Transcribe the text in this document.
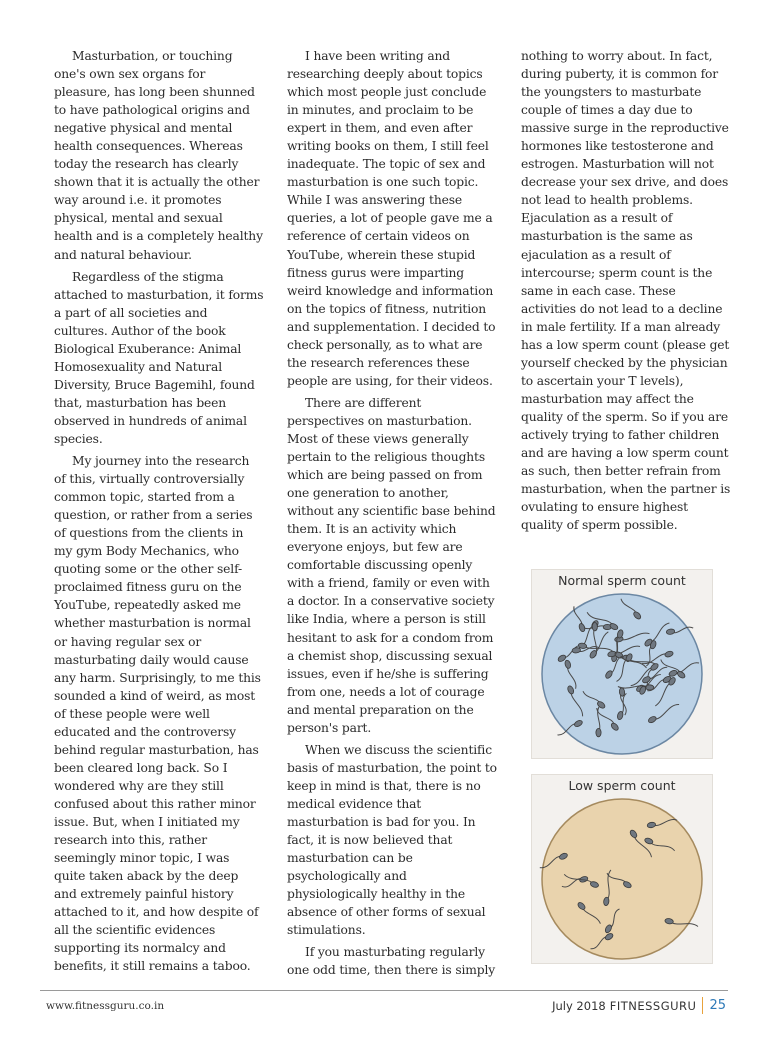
Masturbation, or touching one's own sex organs for pleasure, has long been shunned to have pathological origins and negative physical and mental health consequences. Whereas today the research has clearly shown that it is actually the other way around i.e. it promotes physical, mental and sexual health and is a completely healthy and natural behaviour.

Regardless of the stigma attached to masturbation, it forms a part of all societies and cultures. Author of the book Biological Exuberance: Animal Homosexuality and Natural Diversity, Bruce Bagemihl, found that, masturbation has been observed in hundreds of animal species.

My journey into the research of this, virtually controversially common topic, started from a question, or rather from a series of questions from the clients in my gym Body Mechanics, who quoting some or the other self-proclaimed fitness guru on the YouTube, repeatedly asked me whether masturbation is normal or having regular sex or masturbating daily would cause any harm. Surprisingly, to me this sounded a kind of weird, as most of these people were well educated and the controversy behind regular masturbation, has been cleared long back. So I wondered why are they still confused about this rather minor issue. But, when I initiated my research into this, rather seemingly minor topic, I was quite taken aback by the deep and extremely painful history attached to it, and how despite of all the scientific evidences supporting its normalcy and benefits, it still remains a taboo.

I have been writing and researching deeply about topics which most people just conclude in minutes, and proclaim to be expert in them, and even after writing books on them, I still feel inadequate. The topic of sex and masturbation is one such topic. While I was answering these queries, a lot of people gave me a reference of certain videos on YouTube, wherein these stupid fitness gurus were imparting weird knowledge and information on the topics of fitness, nutrition and supplementation. I decided to check personally, as to what are the research references these people are using, for their videos.

There are different perspectives on masturbation. Most of these views generally pertain to the religious thoughts which are being passed on from one generation to another, without any scientific base behind them. It is an activity which everyone enjoys, but few are comfortable discussing openly with a friend, family or even with a doctor. In a conservative society like India, where a person is still hesitant to ask for a condom from a chemist shop, discussing sexual issues, even if he/she is suffering from one, needs a lot of courage and mental preparation on the person's part.

When we discuss the scientific basis of masturbation, the point to keep in mind is that, there is no medical evidence that masturbation is bad for you. In fact, it is now believed that masturbation can be psychologically and physiologically healthy in the absence of other forms of sexual stimulations.

If you masturbating regularly one odd time, then there is simply

nothing to worry about. In fact, during puberty, it is common for the youngsters to masturbate couple of times a day due to massive surge in the reproductive hormones like testosterone and estrogen. Masturbation will not decrease your sex drive, and does not lead to health problems. Ejaculation as a result of masturbation is the same as ejaculation as a result of intercourse; sperm count is the same in each case. These activities do not lead to a decline in male fertility. If a man already has a low sperm count (please get yourself checked by the physician to ascertain your T levels), masturbation may affect the quality of the sperm. So if you are actively trying to father children and are having a low sperm count as such, then better refrain from masturbation, when the partner is ovulating to ensure highest quality of sperm possible.

Normal sperm count
Low sperm count
www.fitnessguru.co.in	July 2018 FITNESSGURU 25
